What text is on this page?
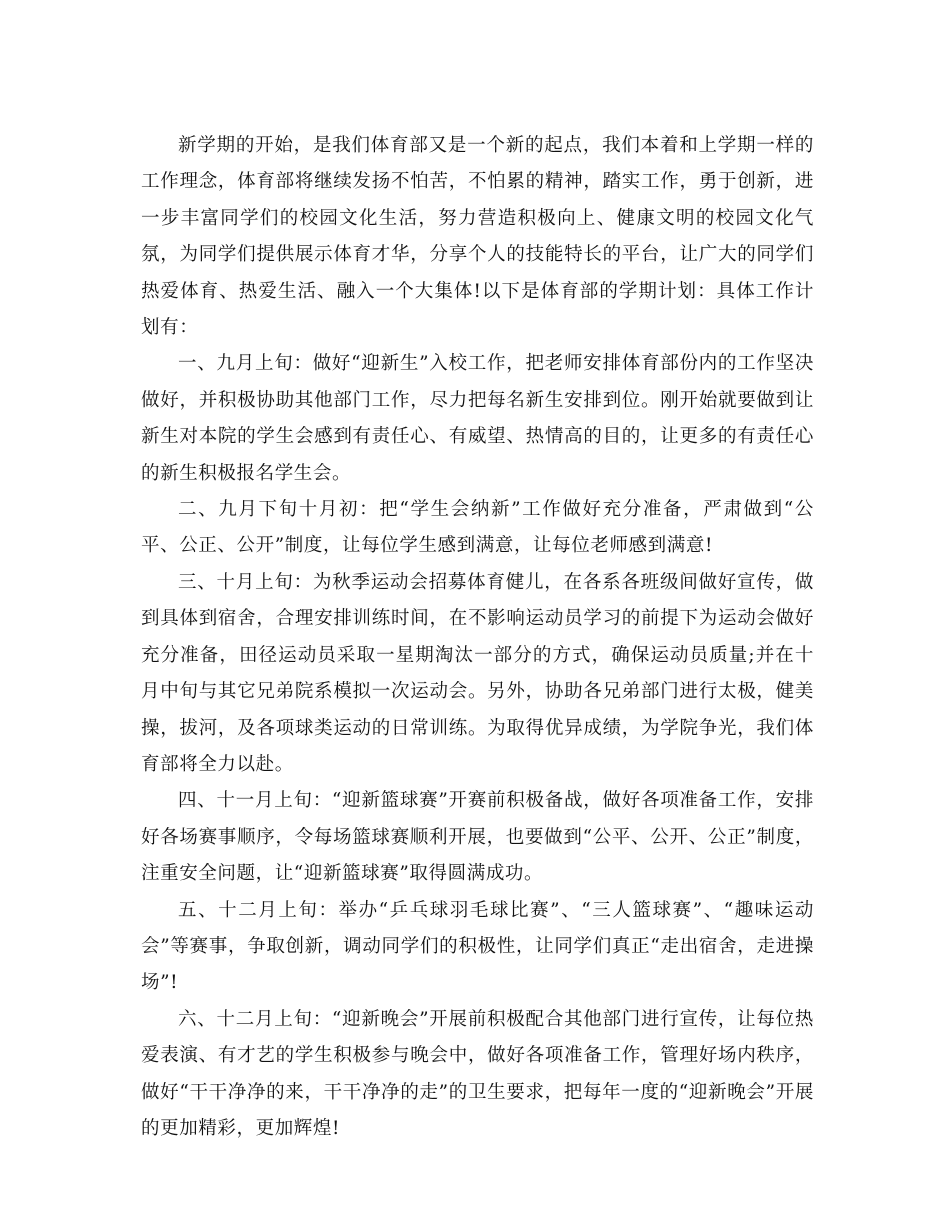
新学期的开始，是我们体育部又是一个新的起点，我们本着和上学期一样的工作理念，体育部将继续发扬不怕苦，不怕累的精神，踏实工作，勇于创新，进一步丰富同学们的校园文化生活，努力营造积极向上、健康文明的校园文化气氛，为同学们提供展示体育才华，分享个人的技能特长的平台，让广大的同学们热爱体育、热爱生活、融入一个大集体!以下是体育部的学期计划：具体工作计划有：

一、九月上旬：做好“迎新生”入校工作，把老师安排体育部份内的工作坚决做好，并积极协助其他部门工作，尽力把每名新生安排到位。刚开始就要做到让新生对本院的学生会感到有责任心、有威望、热情高的目的，让更多的有责任心的新生积极报名学生会。

二、九月下旬十月初：把“学生会纳新”工作做好充分准备，严肃做到“公平、公正、公开”制度，让每位学生感到满意，让每位老师感到满意!

三、十月上旬：为秋季运动会招募体育健儿，在各系各班级间做好宣传，做到具体到宿舍，合理安排训练时间，在不影响运动员学习的前提下为运动会做好充分准备，田径运动员采取一星期淘汰一部分的方式，确保运动员质量;并在十月中旬与其它兄弟院系模拟一次运动会。另外，协助各兄弟部门进行太极，健美操，拔河，及各项球类运动的日常训练。为取得优异成绩，为学院争光，我们体育部将全力以赴。

四、十一月上旬：“迎新篮球赛”开赛前积极备战，做好各项准备工作，安排好各场赛事顺序，令每场篮球赛顺利开展，也要做到“公平、公开、公正”制度，注重安全问题，让“迎新篮球赛”取得圆满成功。

五、十二月上旬：举办“乒乓球羽毛球比赛”、“三人篮球赛”、“趣味运动会”等赛事，争取创新，调动同学们的积极性，让同学们真正“走出宿舍，走进操场”!

六、十二月上旬：“迎新晚会”开展前积极配合其他部门进行宣传，让每位热爱表演、有才艺的学生积极参与晚会中，做好各项准备工作，管理好场内秩序，做好“干干净净的来，干干净净的走”的卫生要求，把每年一度的“迎新晚会”开展的更加精彩，更加辉煌!
